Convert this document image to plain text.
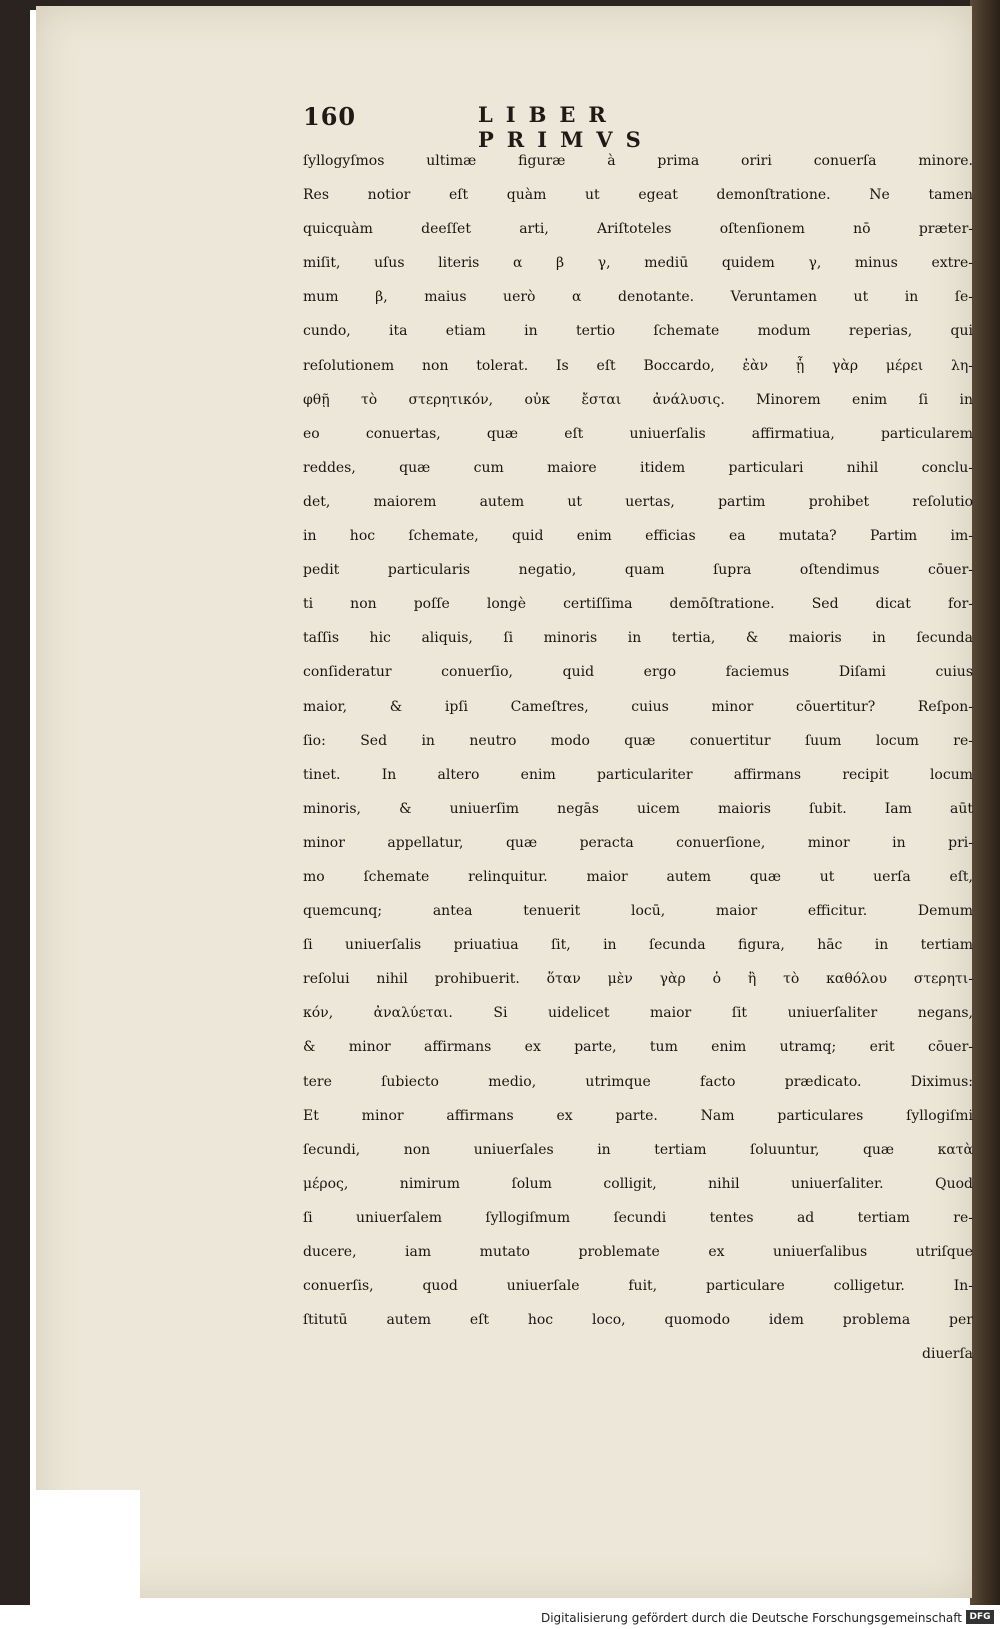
160	LIBER PRIMVS
ſyllogyſmos ultimæ figuræ à prima oriri conuerſa minore.
Res notior eſt quàm ut egeat demonſtratione. Ne tamen
quicquàm deeſſet arti, Ariſtoteles oſtenſionem nō præter-
miſit, uſus literis α β γ, mediū quidem γ, minus extre-
mum β, maius uerò α denotante. Veruntamen ut in ſe-
cundo, ita etiam in tertio ſchemate modum reperias, qui
reſolutionem non tolerat. Is eſt Boccardo, ἐὰν ᾗ γὰρ μέρει λη-
φθῇ τὸ στερητικόν, οὐκ ἔσται ἀνάλυσις. Minorem enim ſi in
eo conuertas, quæ eſt uniuerſalis affirmatiua, particularem
reddes, quæ cum maiore itidem particulari nihil conclu-
det, maiorem autem ut uertas, partim prohibet reſolutio
in hoc ſchemate, quid enim efficias ea mutata? Partim im-
pedit particularis negatio, quam ſupra oſtendimus cōuer-
ti non poſſe longè certiſſima demōſtratione. Sed dicat for-
taſſis hic aliquis, ſi minoris in tertia, & maioris in ſecunda
conſideratur conuerſio, quid ergo faciemus Diſami cuius
maior, & ipſi Cameſtres, cuius minor cōuertitur? Reſpon-
ſio: Sed in neutro modo quæ conuertitur ſuum locum re-
tinet. In altero enim particulariter affirmans recipit locum
minoris, & uniuerſim negās uicem maioris ſubit. Iam aūt
minor appellatur, quæ peracta conuerſione, minor in pri-
mo ſchemate relinquitur. maior autem quæ ut uerſa eſt,
quemcunq; antea tenuerit locū, maior efficitur. Demum
ſi uniuerſalis priuatiua ſit, in ſecunda figura, hāc in tertiam
reſolui nihil prohibuerit. ὅταν μὲν γὰρ ὁ ἢ τὸ καθόλου στερητι-
κόν, ἀναλύεται. Si uidelicet maior ſit uniuerſaliter negans,
& minor affirmans ex parte, tum enim utramq; erit cōuer-
tere ſubiecto medio, utrimque facto prædicato. Diximus:
Et minor affirmans ex parte. Nam particulares ſyllogiſmi
ſecundi, non uniuerſales in tertiam ſoluuntur, quæ κατὰ
μέρος, nimirum ſolum colligit, nihil uniuerſaliter. Quod
ſi uniuerſalem ſyllogiſmum ſecundi tentes ad tertiam re-
ducere, iam mutato problemate ex uniuerſalibus utriſque
conuerſis, quod uniuerſale fuit, particulare colligetur. In-
ſtitutū autem eſt hoc loco, quomodo idem problema per
diuerſa
Digitalisierung gefördert durch die Deutsche Forschungsgemeinschaft DFG
